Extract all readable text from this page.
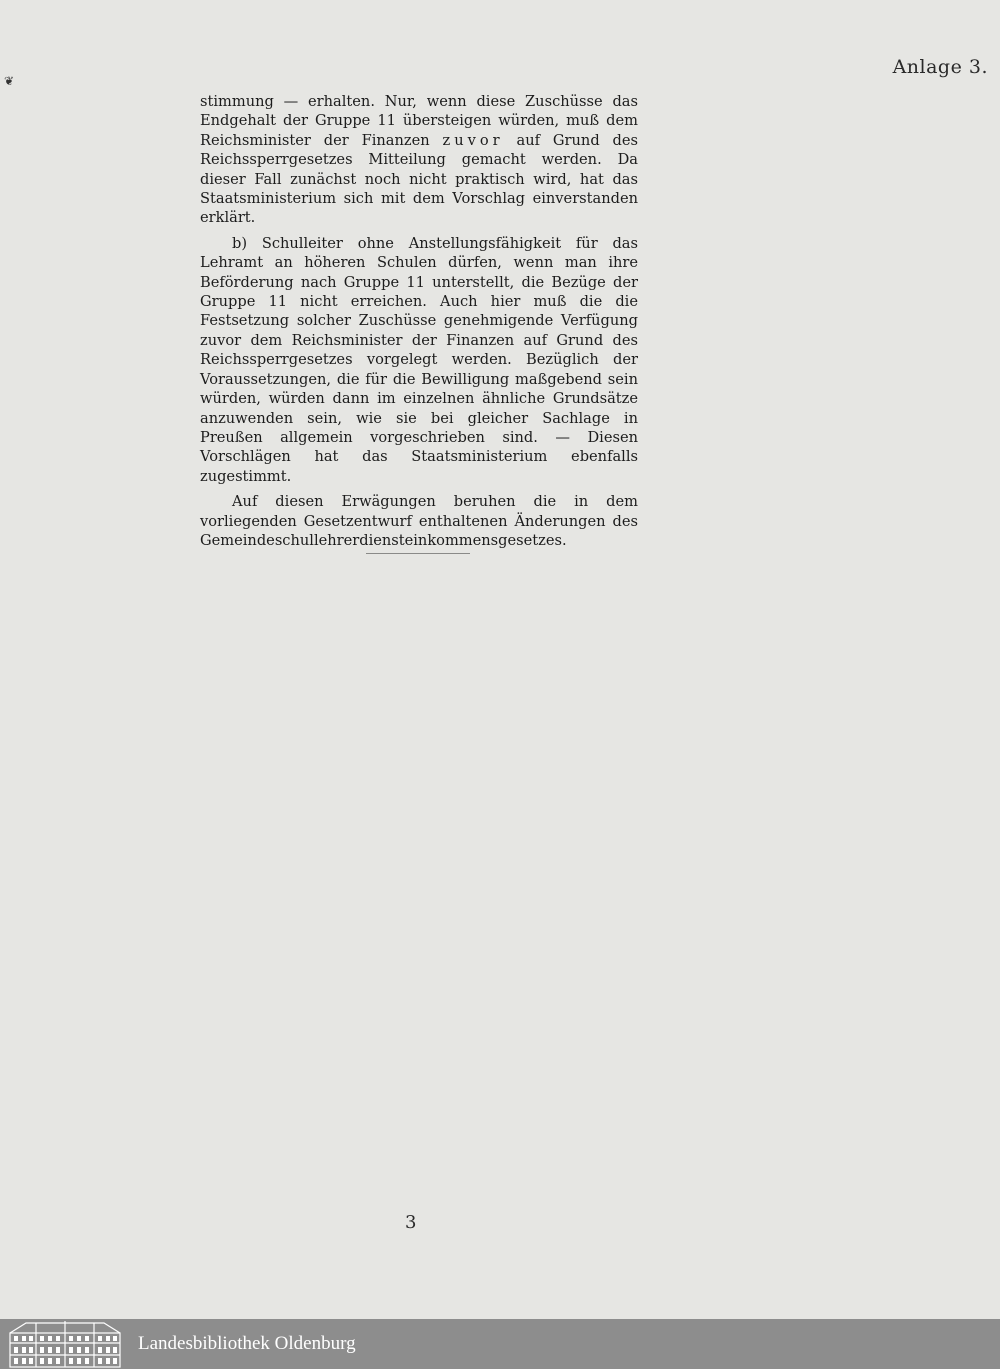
❦
Anlage 3.

stimmung — erhalten. Nur, wenn diese Zuschüsse das Endgehalt der Gruppe 11 übersteigen würden, muß dem Reichsminister der Finanzen zuvor auf Grund des Reichssperrgesetzes Mitteilung gemacht werden. Da dieser Fall zunächst noch nicht praktisch wird, hat das Staatsministerium sich mit dem Vorschlag einverstanden erklärt.

b) Schulleiter ohne Anstellungsfähigkeit für das Lehramt an höheren Schulen dürfen, wenn man ihre Beförderung nach Gruppe 11 unterstellt, die Bezüge der Gruppe 11 nicht erreichen. Auch hier muß die die Festsetzung solcher Zuschüsse genehmigende Verfügung zuvor dem Reichsminister der Finanzen auf Grund des Reichssperrgesetzes vorgelegt werden. Bezüglich der Voraussetzungen, die für die Bewilligung maßgebend sein würden, würden dann im einzelnen ähnliche Grundsätze anzuwenden sein, wie sie bei gleicher Sachlage in Preußen allgemein vorgeschrieben sind. — Diesen Vorschlägen hat das Staatsministerium ebenfalls zugestimmt.

Auf diesen Erwägungen beruhen die in dem vorliegenden Gesetzentwurf enthaltenen Änderungen des Gemeindeschullehrerdiensteinkommensgesetzes.

3
Landesbibliothek Oldenburg
